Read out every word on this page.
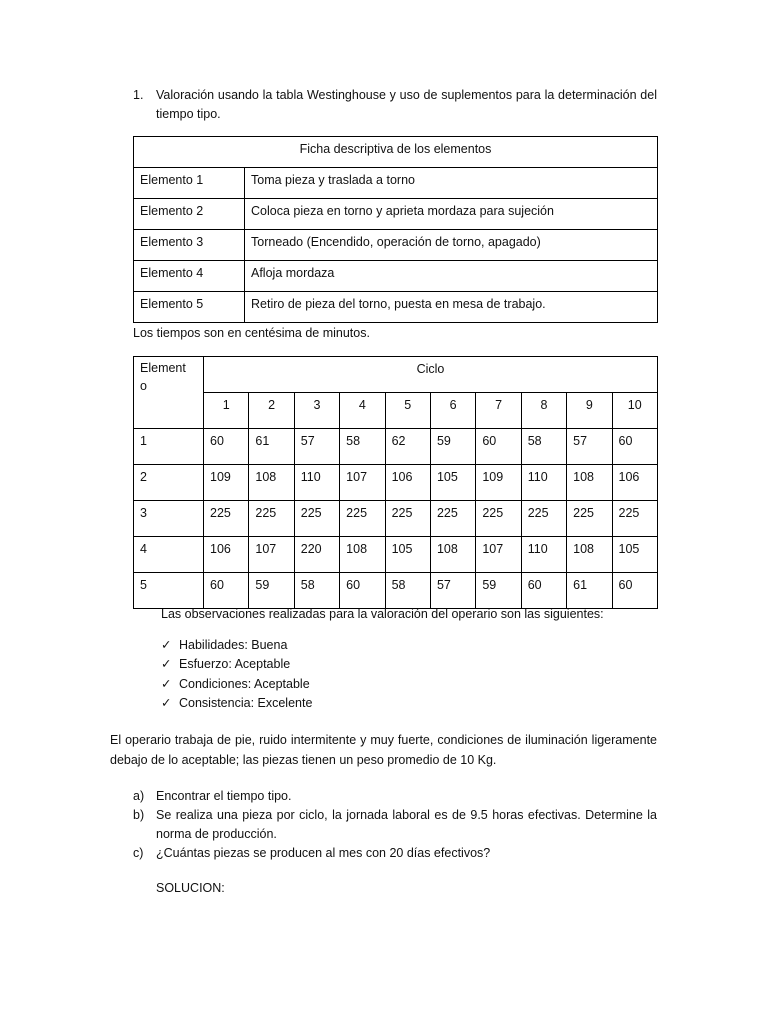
1. Valoración usando la tabla Westinghouse y uso de suplementos para la determinación del tiempo tipo.
Ficha descriptiva de los elementos	
Elemento 1	Toma pieza y traslada a torno
Elemento 2	Coloca pieza en torno y aprieta mordaza para sujeción
Elemento 3	Torneado (Encendido, operación de torno, apagado)
Elemento 4	Afloja mordaza
Elemento 5	Retiro de pieza del torno, puesta en mesa de trabajo.
Los tiempos son en centésima de minutos.
Element
o	Ciclo									
	1	2	3	4	5	6	7	8	9	10
1	60	61	57	58	62	59	60	58	57	60
2	109	108	110	107	106	105	109	110	108	106
3	225	225	225	225	225	225	225	225	225	225
4	106	107	220	108	105	108	107	110	108	105
5	60	59	58	60	58	57	59	60	61	60
Las observaciones realizadas para la valoración del operario son las siguientes:
✓ Habilidades: Buena
✓ Esfuerzo: Aceptable
✓ Condiciones: Aceptable
✓ Consistencia: Excelente
El operario trabaja de pie, ruido intermitente y muy fuerte, condiciones de iluminación ligeramente debajo de lo aceptable; las piezas tienen un peso promedio de 10 Kg.
a) Encontrar el tiempo tipo.
b) Se realiza una pieza por ciclo, la jornada laboral es de 9.5 horas efectivas. Determine la norma de producción.
c) ¿Cuántas piezas se producen al mes con 20 días efectivos?
SOLUCION:
